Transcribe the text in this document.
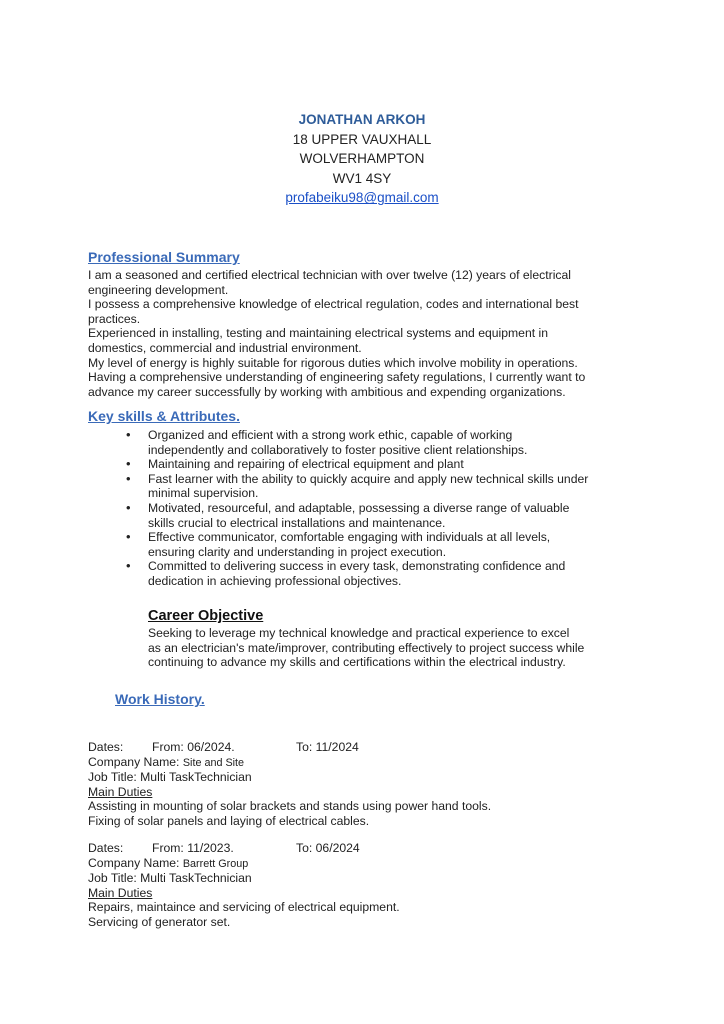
JONATHAN ARKOH
18 UPPER VAUXHALL
WOLVERHAMPTON
WV1 4SY
profabeiku98@gmail.com
Professional Summary

I am a seasoned and certified electrical technician with over twelve (12) years of electrical

engineering development.

I possess a comprehensive knowledge of electrical regulation, codes and international best

practices.

Experienced in installing, testing and maintaining electrical systems and equipment in

domestics, commercial and industrial environment.

My level of energy is highly suitable for rigorous duties which involve mobility in operations.

Having a comprehensive understanding of engineering safety regulations, I currently want to

advance my career successfully by working with ambitious and expending organizations.

Key skills & Attributes.
• Organized and efficient with a strong work ethic, capable of working
independently and collaboratively to foster positive client relationships.
• Maintaining and repairing of electrical equipment and plant
• Fast learner with the ability to quickly acquire and apply new technical skills under
minimal supervision.
• Motivated, resourceful, and adaptable, possessing a diverse range of valuable
skills crucial to electrical installations and maintenance.
• Effective communicator, comfortable engaging with individuals at all levels,
ensuring clarity and understanding in project execution.
• Committed to delivering success in every task, demonstrating confidence and
dedication in achieving professional objectives.
Career Objective
Seeking to leverage my technical knowledge and practical experience to excel
as an electrician's mate/improver, contributing effectively to project success while
continuing to advance my skills and certifications within the electrical industry.
Work History.
Dates: From: 06/2024.	To: 11/2024
Company Name: Site and Site
Job Title: Multi TaskTechnician
Main Duties
Assisting in mounting of solar brackets and stands using power hand tools.
Fixing of solar panels and laying of electrical cables.
Dates: From: 11/2023.	To: 06/2024
Company Name: Barrett Group
Job Title: Multi TaskTechnician
Main Duties
Repairs, maintaince and servicing of electrical equipment.
Servicing of generator set.
